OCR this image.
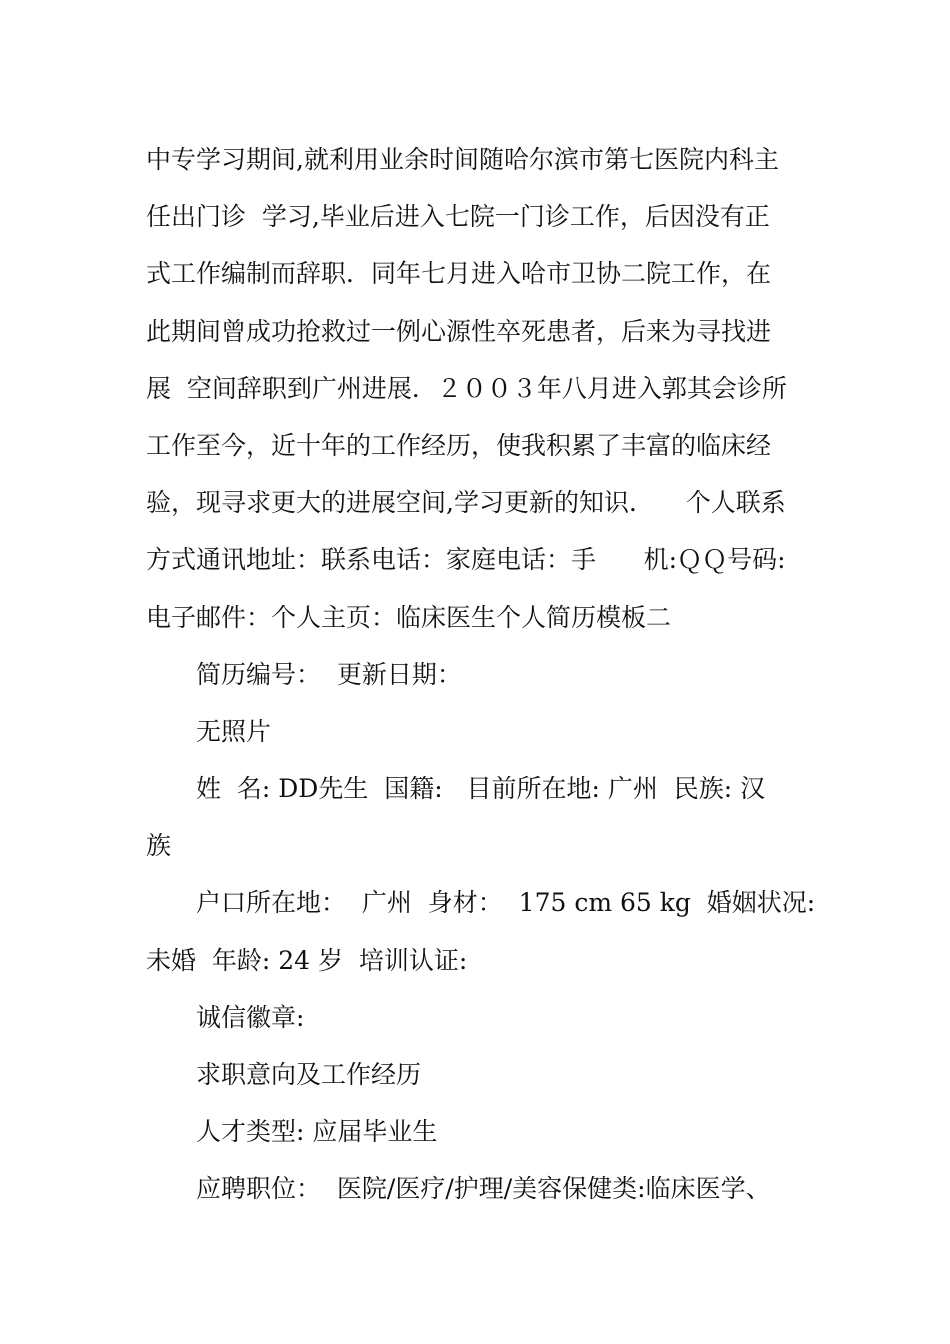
中专学习期间,就利用业余时间随哈尔滨市第七医院内科主
任出门诊  学习,毕业后进入七院一门诊工作，后因没有正
式工作编制而辞职．同年七月进入哈市卫协二院工作，在
此期间曾成功抢救过一例心源性卒死患者，后来为寻找进
展  空间辞职到广州进展．２００３年八月进入郭其会诊所
工作至今，近十年的工作经历，使我积累了丰富的临床经
验，现寻求更大的进展空间,学习更新的知识．    个人联系
方式通讯地址：联系电话：家庭电话：手      机:ＱＱ号码:
电子邮件：个人主页：临床医生个人简历模板二
简历编号：  更新日期：
无照片
姓  名: DD先生  国籍:   目前所在地: 广州  民族: 汉
族
户口所在地：  广州  身材：  175 cm 65 kg  婚姻状况:
未婚  年龄: 24 岁  培训认证:
诚信徽章:
求职意向及工作经历
人才类型: 应届毕业生
应聘职位：  医院/医疗/护理/美容保健类:临床医学、
